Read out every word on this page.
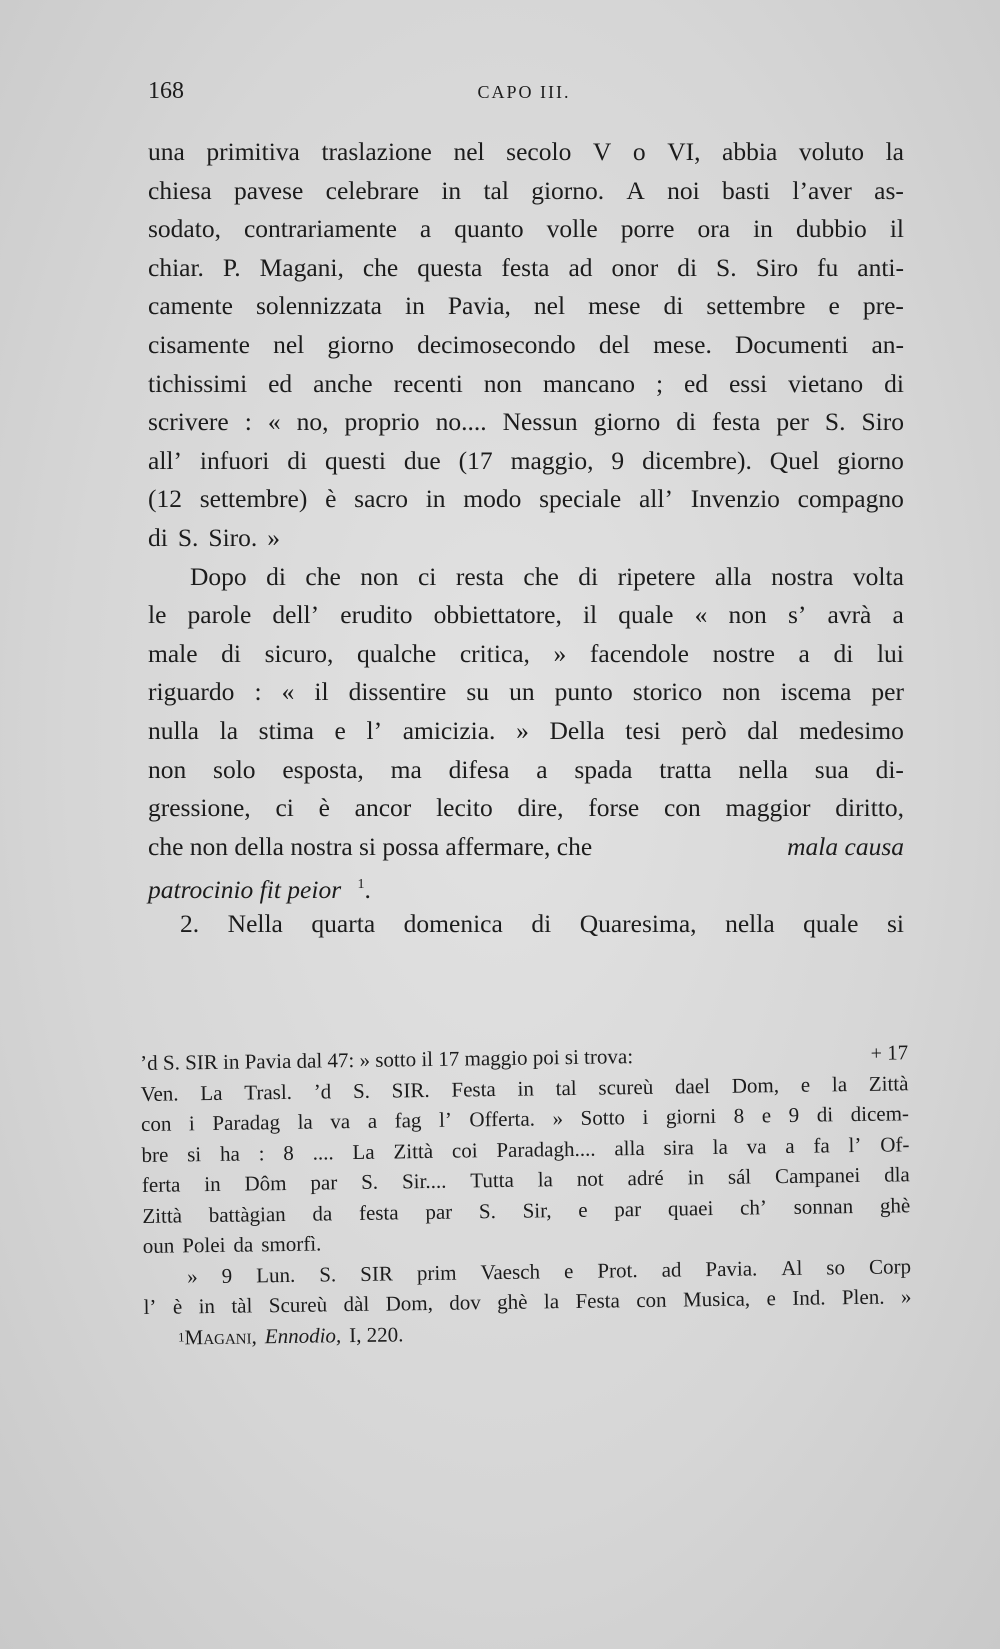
168	CAPO III.
una primitiva traslazione nel secolo V o VI, abbia voluto la
chiesa pavese celebrare in tal giorno. A noi basti l’aver as-
sodato, contrariamente a quanto volle porre ora in dubbio il
chiar. P. Magani, che questa festa ad onor di S. Siro fu anti-
camente solennizzata in Pavia, nel mese di settembre e pre-
cisamente nel giorno decimosecondo del mese. Documenti an-
tichissimi ed anche recenti non mancano ; ed essi vietano di
scrivere : « no, proprio no.... Nessun giorno di festa per S. Siro
all’ infuori di questi due (17 maggio, 9 dicembre). Quel giorno
(12 settembre) è sacro in modo speciale all’ Invenzio compagno
di S. Siro. »
Dopo di che non ci resta che di ripetere alla nostra volta
le parole dell’ erudito obbiettatore, il quale « non s’ avrà a
male di sicuro, qualche critica, » facendole nostre a di lui
riguardo : « il dissentire su un punto storico non iscema per
nulla la stima e l’ amicizia. » Della tesi però dal medesimo
non solo esposta, ma difesa a spada tratta nella sua di-
gressione, ci è ancor lecito dire, forse con maggior diritto,
che non della nostra si possa affermare, che	mala causa
patrocinio fit peior $^1$.
2. Nella quarta domenica di Quaresima, nella quale si
’d S. SIR in Pavia dal 47: » sotto il 17 maggio poi si trova:	+ 17
Ven. La Trasl. ’d S. SIR. Festa in tal scureù dael Dom, e la Zittà
con i Paradag la va a fag l’ Offerta. » Sotto i giorni 8 e 9 di dicem-
bre si ha : 8 .... La Zittà coi Paradagh.... alla sira la va a fa l’ Of-
ferta in Dôm par S. Sir.... Tutta la not adré in sál Campanei dla
Zittà battàgian da festa par S. Sir, e par quaei ch’ sonnan ghè
oun Polei da smorfì.
» 9 Lun. S. SIR prim Vaesch e Prot. ad Pavia. Al so Corp
l’ è in tàl Scureù dàl Dom, dov ghè la Festa con Musica, e Ind. Plen. »
1 Magani, Ennodio, I, 220.
